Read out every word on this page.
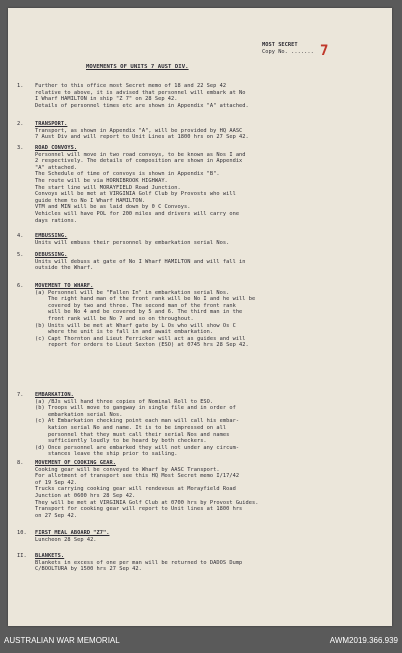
MOST SECRET
Copy No. ....... 7
MOVEMENTS OF UNITS 7 AUST DIV.
1. Further to this office most Secret memo of 18 and 22 Sep 42
relative to above, it is advised that personnel will embark at No
I Wharf HAMILTON in ship "Z 7" on 28 Sep 42.
Details of personnel times etc are shown in Appendix "A" attached.
2. TRANSPORT.
Transport, as shown in Appendix "A", will be provided by HQ AASC
7 Aust Div and will report to Unit Lines at 1800 hrs on 27 Sep 42.
3. ROAD CONVOYS.
Personnel will move in two road convoys, to be known as Nos I and
2 respectively. The details of composition are shown in Appendix
"A" attached.
The Schedule of time of convoys is shown in Appendix "B".
The route will be via HORNIBROOK HIGHWAY.
The start line will MORAYFIELD Road Junction.
Convoys will be met at VIRGINIA Golf Club by Provosts who will
guide them to No I Wharf HAMILTON.
VTM and MIN will be as laid down by 0 C Convoys.
Vehicles will have POL for 200 miles and drivers will carry one
days rations.
4. EMBUSSING.
Units will embuss their personnel by embarkation serial Nos.
5. DEBUSSING.
Units will debuss at gate of No I Wharf HAMILTON and will fall in
outside the Wharf.
6. MOVEMENT TO WHARF.
(a) Personnel will be "Fallen In" in embarkation serial Nos.
The right hand man of the front rank will be No I and he will be
covered by two and three. The second man of the front rank
will be No 4 and be covered by 5 and 6. The third man in the
front rank will be No 7 and so on throughout.
(b) Units will be met at Wharf gate by L Os who will show Os C
where the unit is to fall in and await embarkation.
(c) Capt Thornton and Lieut Ferricker will act as guides and will
report for orders to Lieut Sexton (ESO) at 0745 hrs 28 Sep 42.
7. EMBARKATION.
(a) /BJs will hand three copies of Nominal Roll to ESO.
(b) Troops will move to gangway in single file and in order of
embarkation serial Nos.
(c) At Embarkation checking point each man will call his embar-
kation serial No and name. It is to be impressed on all
personnel that they must call their serial Nos and names
sufficiently loudly to be heard by both checkers.
(d) Once personnel are embarked they will not under any circum-
stances leave the ship prior to sailing.
8. MOVEMENT OF COOKING GEAR.
Cooking gear will be conveyed to Wharf by AASC Transport.
For allotment of transport see this HQ Most Secret memo I/17/42
of 19 Sep 42.
Trucks carrying cooking gear will rendevous at Morayfield Road
Junction at 0600 hrs 28 Sep 42.
They will be met at VIRGINIA Golf Club at 0700 hrs by Provost Guides.
Transport for cooking gear will report to Unit lines at 1800 hrs
on 27 Sep 42.
10. FIRST MEAL ABOARD "Z7".
Luncheon 28 Sep 42.
II. BLANKETS.
Blankets in excess of one per man will be returned to DADOS Dump
C/BOOLTURA by 1500 hrs 27 Sep 42.
AUSTRALIAN WAR MEMORIAL	AWM2019.366.939
